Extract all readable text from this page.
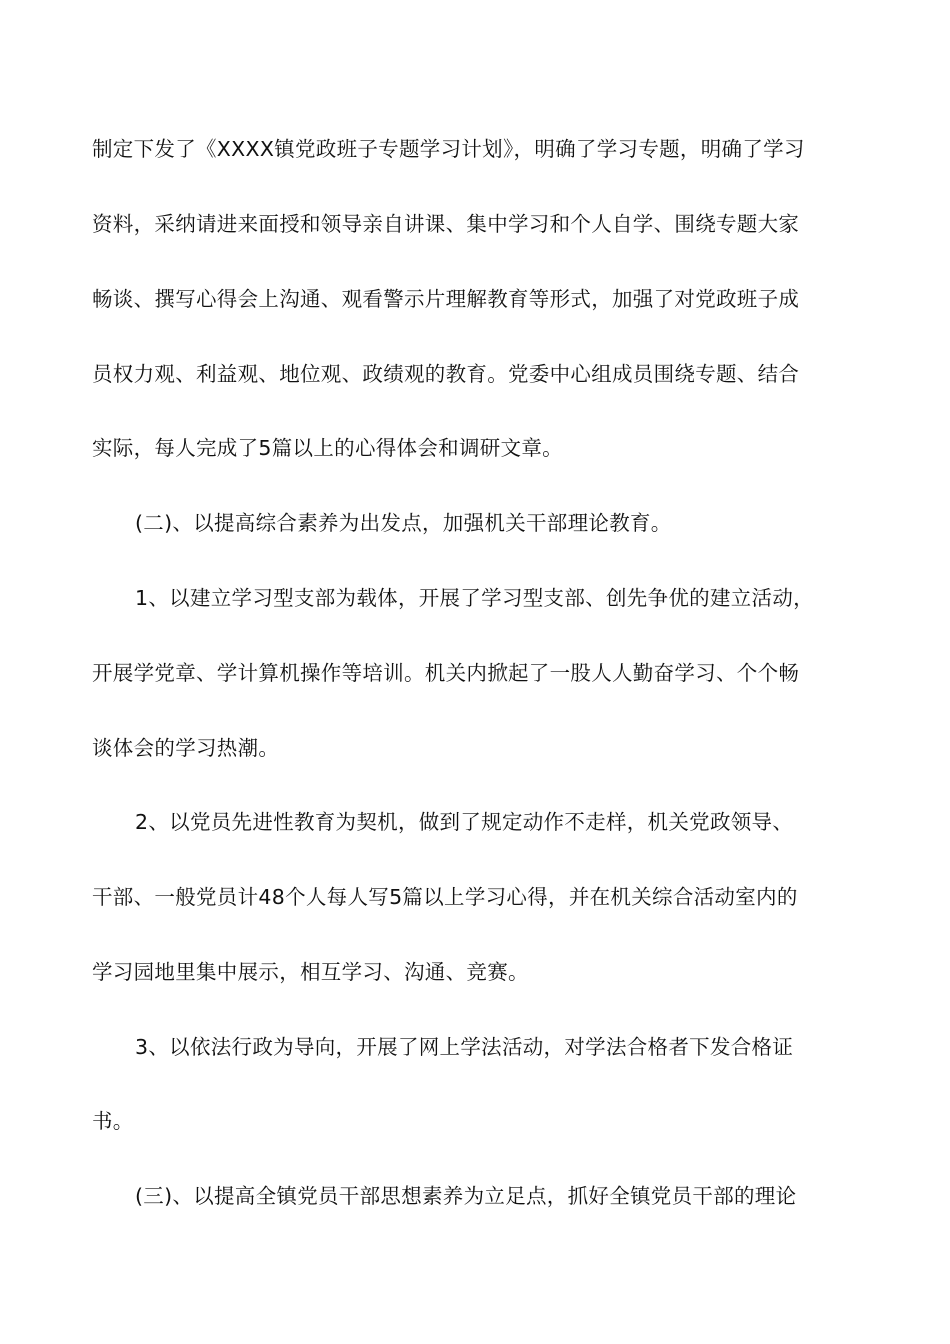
制定下发了《XXXX镇党政班子专题学习计划》，明确了学习专题，明确了学习
资料，采纳请进来面授和领导亲自讲课、集中学习和个人自学、围绕专题大家
畅谈、撰写心得会上沟通、观看警示片理解教育等形式，加强了对党政班子成
员权力观、利益观、地位观、政绩观的教育。党委中心组成员围绕专题、结合
实际，每人完成了5篇以上的心得体会和调研文章。
(二)、以提高综合素养为出发点，加强机关干部理论教育。
1、以建立学习型支部为载体，开展了学习型支部、创先争优的建立活动，
开展学党章、学计算机操作等培训。机关内掀起了一股人人勤奋学习、个个畅
谈体会的学习热潮。
2、以党员先进性教育为契机，做到了规定动作不走样，机关党政领导、
干部、一般党员计48个人每人写5篇以上学习心得，并在机关综合活动室内的
学习园地里集中展示，相互学习、沟通、竞赛。
3、以依法行政为导向，开展了网上学法活动，对学法合格者下发合格证
书。
(三)、以提高全镇党员干部思想素养为立足点，抓好全镇党员干部的理论
